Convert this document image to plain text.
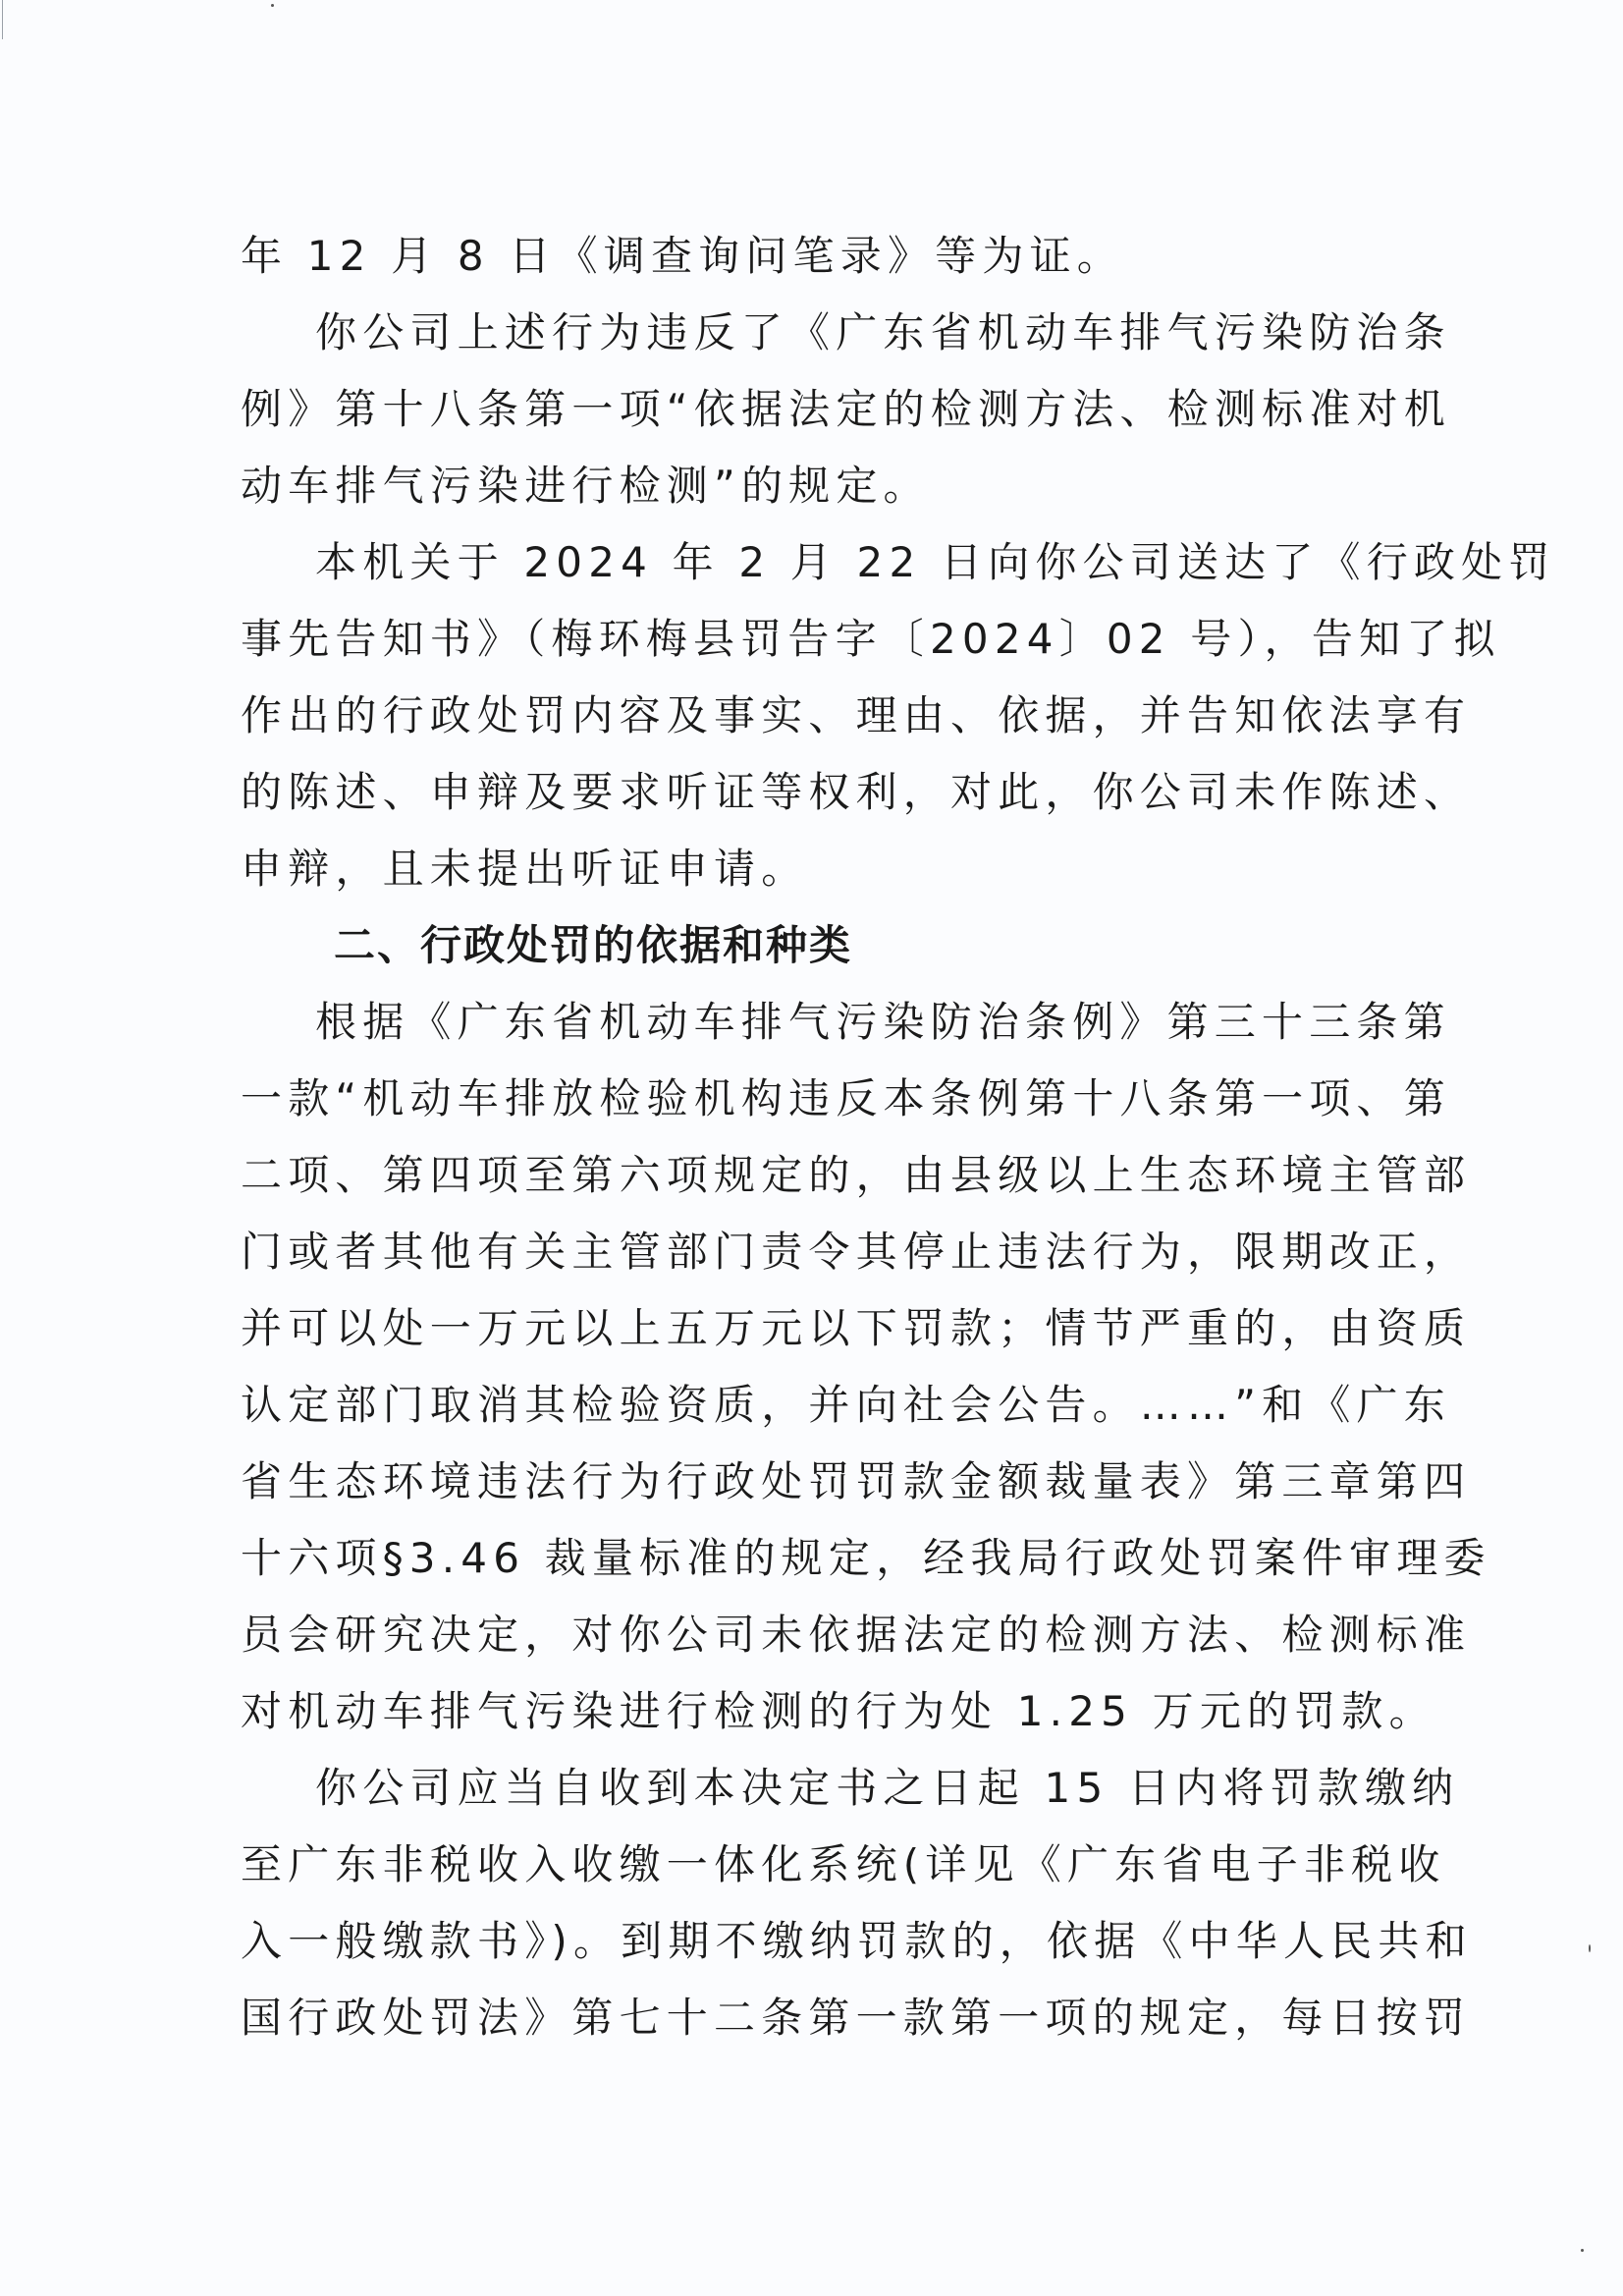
年 12 月 8 日《调查询问笔录》等为证。
你公司上述行为违反了《广东省机动车排气污染防治条
例》第十八条第一项“依据法定的检测方法、检测标准对机
动车排气污染进行检测”的规定。
本机关于 2024 年 2 月 22 日向你公司送达了《行政处罚
事先告知书》（梅环梅县罚告字〔2024〕02 号），告知了拟
作出的行政处罚内容及事实、理由、依据，并告知依法享有
的陈述、申辩及要求听证等权利，对此，你公司未作陈述、
申辩，且未提出听证申请。
二、行政处罚的依据和种类
根据《广东省机动车排气污染防治条例》第三十三条第
一款“机动车排放检验机构违反本条例第十八条第一项、第
二项、第四项至第六项规定的，由县级以上生态环境主管部
门或者其他有关主管部门责令其停止违法行为，限期改正，
并可以处一万元以上五万元以下罚款；情节严重的，由资质
认定部门取消其检验资质，并向社会公告。……”和《广东
省生态环境违法行为行政处罚罚款金额裁量表》第三章第四
十六项§3.46 裁量标准的规定，经我局行政处罚案件审理委
员会研究决定，对你公司未依据法定的检测方法、检测标准
对机动车排气污染进行检测的行为处 1.25 万元的罚款。
你公司应当自收到本决定书之日起 15 日内将罚款缴纳
至广东非税收入收缴一体化系统(详见《广东省电子非税收
入一般缴款书》)。到期不缴纳罚款的，依据《中华人民共和
国行政处罚法》第七十二条第一款第一项的规定，每日按罚
